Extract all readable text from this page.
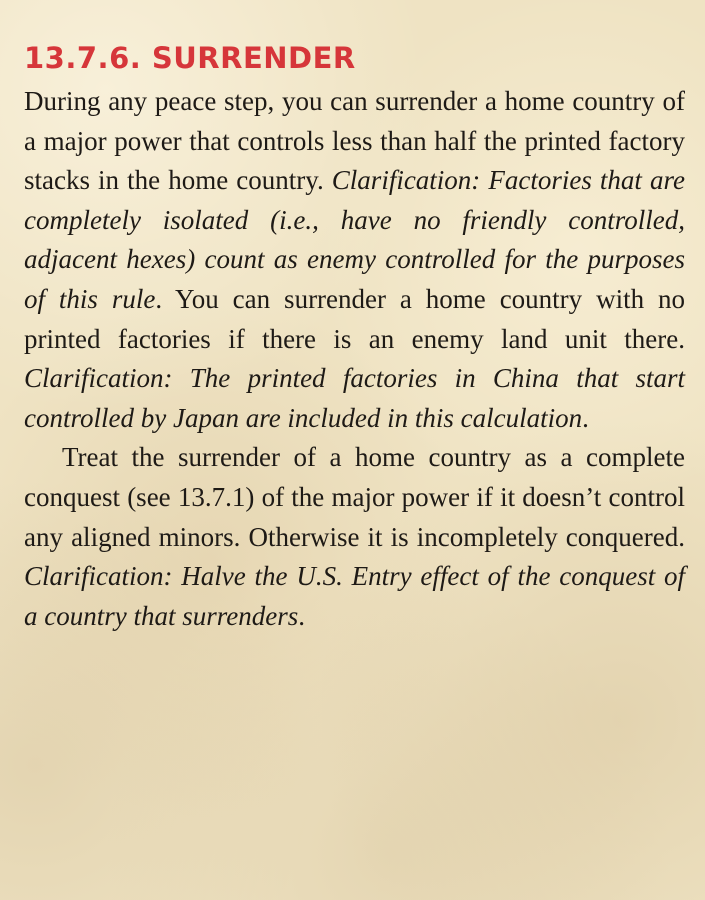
13.7.6. SURRENDER

During any peace step, you can surrender a home country of a major power that controls less than half the printed factory stacks in the home country. Clarification: Factories that are completely isolated (i.e., have no friendly controlled, adjacent hexes) count as enemy controlled for the purposes of this rule. You can surrender a home country with no printed factories if there is an enemy land unit there. Clarification: The printed factories in China that start controlled by Japan are included in this calculation.

Treat the surrender of a home country as a complete conquest (see 13.7.1) of the major power if it doesn’t control any aligned minors. Otherwise it is incompletely conquered. Clarification: Halve the U.S. Entry effect of the conquest of a country that surrenders.
